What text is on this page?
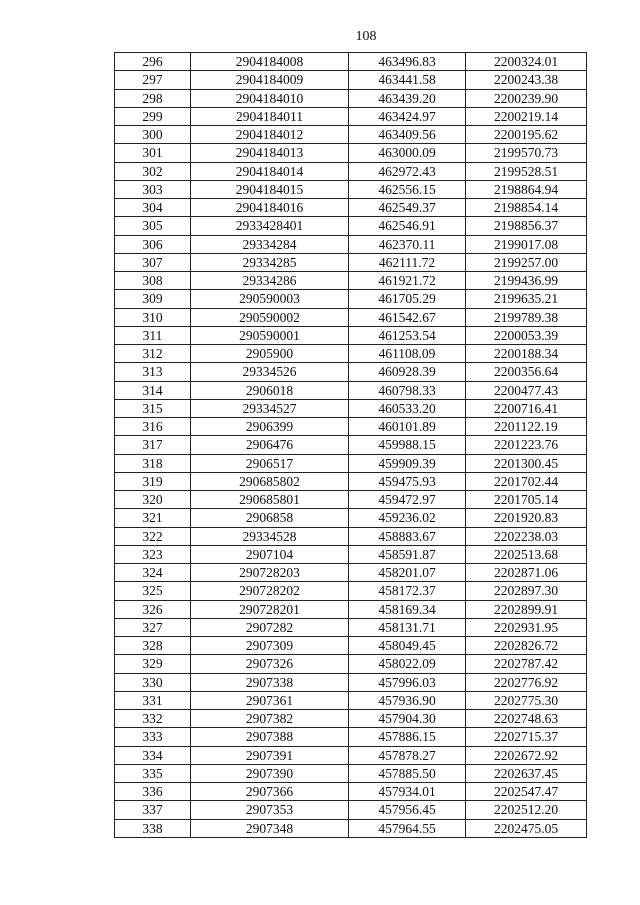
108
296	2904184008	463496.83	2200324.01
297	2904184009	463441.58	2200243.38
298	2904184010	463439.20	2200239.90
299	2904184011	463424.97	2200219.14
300	2904184012	463409.56	2200195.62
301	2904184013	463000.09	2199570.73
302	2904184014	462972.43	2199528.51
303	2904184015	462556.15	2198864.94
304	2904184016	462549.37	2198854.14
305	2933428401	462546.91	2198856.37
306	29334284	462370.11	2199017.08
307	29334285	462111.72	2199257.00
308	29334286	461921.72	2199436.99
309	290590003	461705.29	2199635.21
310	290590002	461542.67	2199789.38
311	290590001	461253.54	2200053.39
312	2905900	461108.09	2200188.34
313	29334526	460928.39	2200356.64
314	2906018	460798.33	2200477.43
315	29334527	460533.20	2200716.41
316	2906399	460101.89	2201122.19
317	2906476	459988.15	2201223.76
318	2906517	459909.39	2201300.45
319	290685802	459475.93	2201702.44
320	290685801	459472.97	2201705.14
321	2906858	459236.02	2201920.83
322	29334528	458883.67	2202238.03
323	2907104	458591.87	2202513.68
324	290728203	458201.07	2202871.06
325	290728202	458172.37	2202897.30
326	290728201	458169.34	2202899.91
327	2907282	458131.71	2202931.95
328	2907309	458049.45	2202826.72
329	2907326	458022.09	2202787.42
330	2907338	457996.03	2202776.92
331	2907361	457936.90	2202775.30
332	2907382	457904.30	2202748.63
333	2907388	457886.15	2202715.37
334	2907391	457878.27	2202672.92
335	2907390	457885.50	2202637.45
336	2907366	457934.01	2202547.47
337	2907353	457956.45	2202512.20
338	2907348	457964.55	2202475.05
